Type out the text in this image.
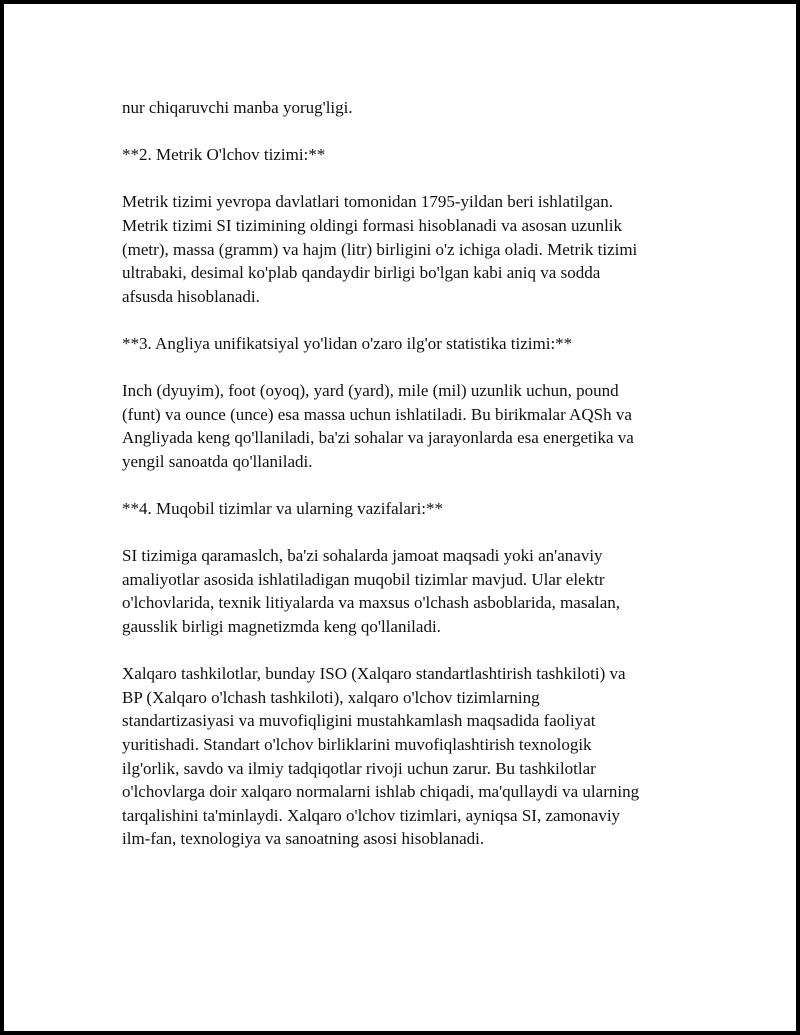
nur chiqaruvchi manba yorug'ligi.

**2. Metrik O'lchov tizimi:**

Metrik tizimi yevropa davlatlari tomonidan 1795-yildan beri ishlatilgan.
Metrik tizimi SI tizimining oldingi formasi hisoblanadi va asosan uzunlik
(metr), massa (gramm) va hajm (litr) birligini o'z ichiga oladi. Metrik tizimi
ultrabaki, desimal ko'plab qandaydir birligi bo'lgan kabi aniq va sodda
afsusda hisoblanadi.

**3. Angliya unifikatsiyal yo'lidan o'zaro ilg'or statistika tizimi:**

Inch (dyuyim), foot (oyoq), yard (yard), mile (mil) uzunlik uchun, pound
(funt) va ounce (unce) esa massa uchun ishlatiladi. Bu birikmalar AQSh va
Angliyada keng qo'llaniladi, ba'zi sohalar va jarayonlarda esa energetika va
yengil sanoatda qo'llaniladi.

**4. Muqobil tizimlar va ularning vazifalari:**

SI tizimiga qaramaslch, ba'zi sohalarda jamoat maqsadi yoki an'anaviy
amaliyotlar asosida ishlatiladigan muqobil tizimlar mavjud. Ular elektr
o'lchovlarida, texnik litiyalarda va maxsus o'lchash asboblarida, masalan,
gausslik birligi magnetizmda keng qo'llaniladi.

Xalqaro tashkilotlar, bunday ISO (Xalqaro standartlashtirish tashkiloti) va
BP (Xalqaro o'lchash tashkiloti), xalqaro o'lchov tizimlarning
standartizasiyasi va muvofiqligini mustahkamlash maqsadida faoliyat
yuritishadi. Standart o'lchov birliklarini muvofiqlashtirish texnologik
ilg'orlik, savdo va ilmiy tadqiqotlar rivoji uchun zarur. Bu tashkilotlar
o'lchovlarga doir xalqaro normalarni ishlab chiqadi, ma'qullaydi va ularning
tarqalishini ta'minlaydi. Xalqaro o'lchov tizimlari, ayniqsa SI, zamonaviy
ilm-fan, texnologiya va sanoatning asosi hisoblanadi.
